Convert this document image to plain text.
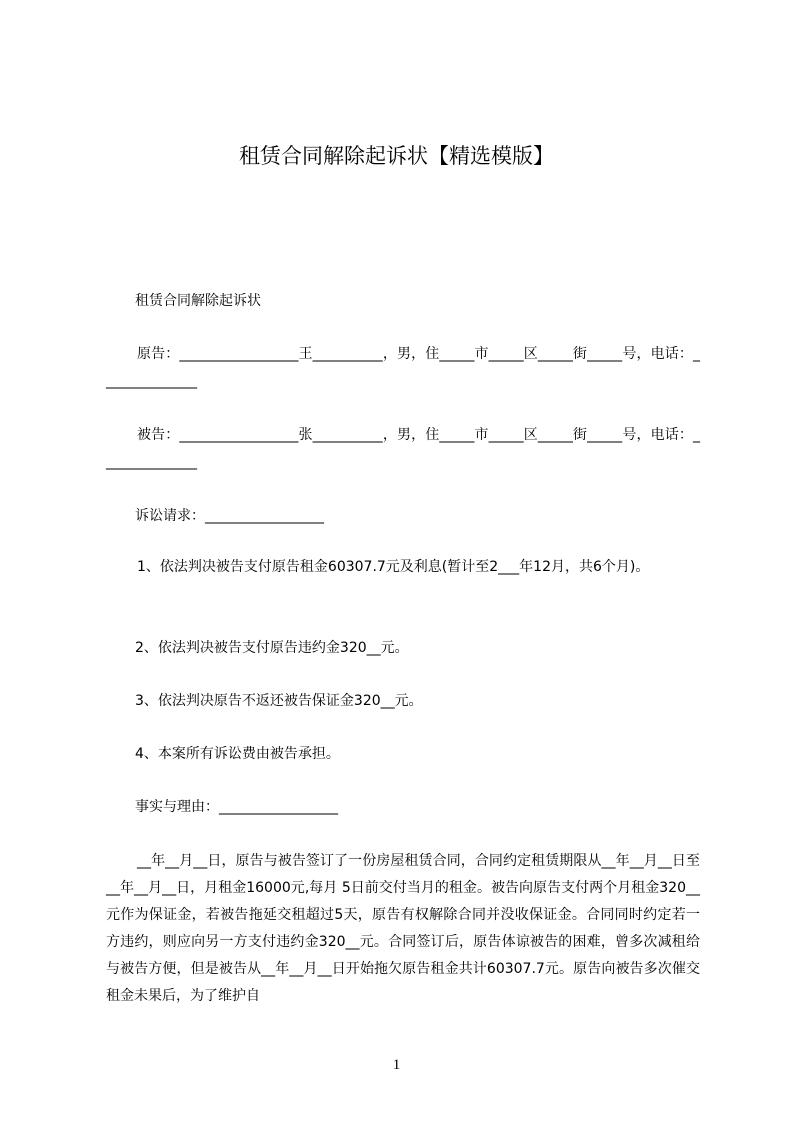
租赁合同解除起诉状【精选模版】

租赁合同解除起诉状

原告：_________________王__________，男，住_____市_____区_____街_____号，电话：______________

被告：_________________张__________，男，住_____市_____区_____街_____号，电话：______________

诉讼请求：_________________

1、依法判决被告支付原告租金60307.7元及利息(暂计至2___年12月，共6个月)。

2、依法判决被告支付原告违约金320__元。

3、依法判决原告不返还被告保证金320__元。

4、本案所有诉讼费由被告承担。

事实与理由：_________________

__年__月__日，原告与被告签订了一份房屋租赁合同，合同约定租赁期限从__年__月__日至__年__月__日，月租金16000元,每月 5日前交付当月的租金。被告向原告支付两个月租金320__元作为保证金，若被告拖延交租超过5天，原告有权解除合同并没收保证金。合同同时约定若一方违约，则应向另一方支付违约金320__元。合同签订后，原告体谅被告的困难，曾多次减租给与被告方便，但是被告从__年__月__日开始拖欠原告租金共计60307.7元。原告向被告多次催交租金未果后，为了维护自

1
